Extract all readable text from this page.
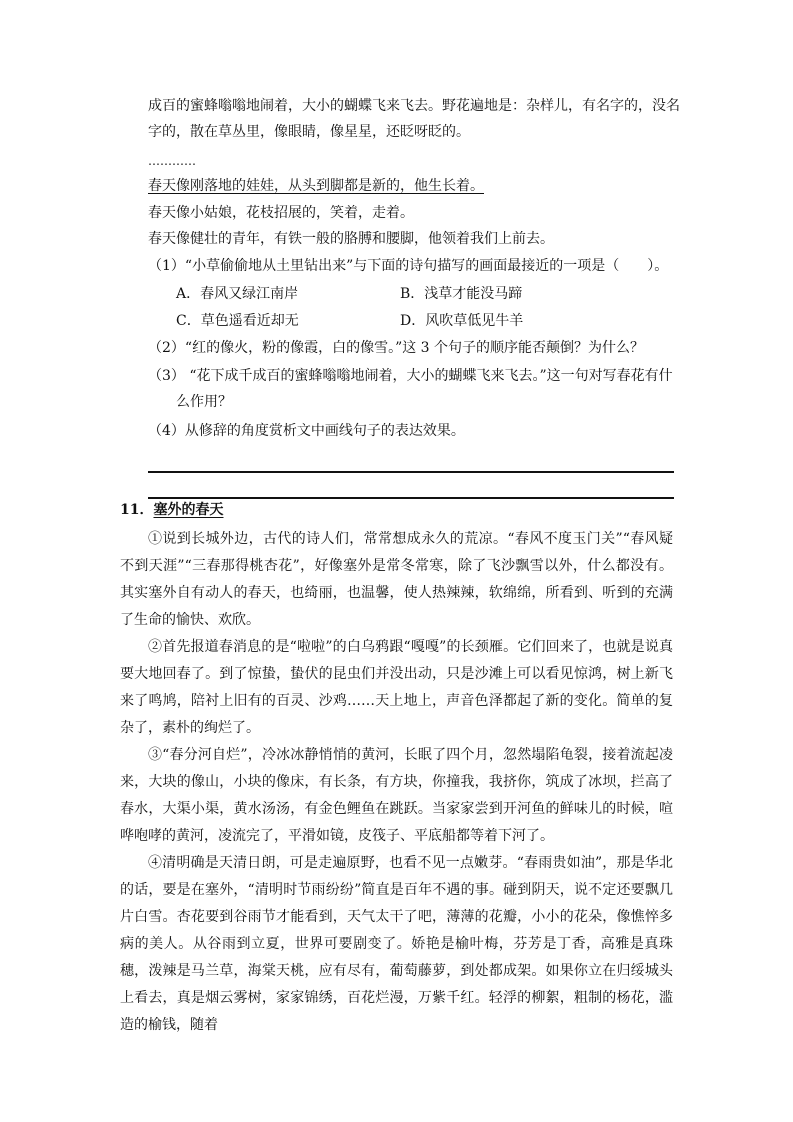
成百的蜜蜂嗡嗡地闹着，大小的蝴蝶飞来飞去。野花遍地是：杂样儿，有名字的，没名
字的，散在草丛里，像眼睛，像星星，还眨呀眨的。
…………
春天像刚落地的娃娃，从头到脚都是新的，他生长着。
春天像小姑娘，花枝招展的，笑着，走着。
春天像健壮的青年，有铁一般的胳膊和腰脚，他领着我们上前去。
（1）“小草偷偷地从土里钻出来”与下面的诗句描写的画面最接近的一项是（　　）。
A．春风又绿江南岸	B．浅草才能没马蹄
C．草色遥看近却无	D．风吹草低见牛羊
（2）“红的像火，粉的像霞，白的像雪。”这 3 个句子的顺序能否颠倒？为什么？
（3） “花下成千成百的蜜蜂嗡嗡地闹着，大小的蝴蝶飞来飞去。”这一句对写春花有什
么作用？
（4）从修辞的角度赏析文中画线句子的表达效果。
11．塞外的春天
①说到长城外边，古代的诗人们，常常想成永久的荒凉。“春风不度玉门关”“春风疑不到天涯”“三春那得桃杏花”，好像塞外是常冬常寒，除了飞沙飘雪以外，什么都没有。其实塞外自有动人的春天，也绮丽，也温馨，使人热辣辣，软绵绵，所看到、听到的充满了生命的愉快、欢欣。
②首先报道春消息的是“啦啦”的白乌鸦跟“嘎嘎”的长颈雁。它们回来了，也就是说真要大地回春了。到了惊蛰，蛰伏的昆虫们并没出动，只是沙滩上可以看见惊鸿，树上新飞来了鸣鸠，陪衬上旧有的百灵、沙鸡……天上地上，声音色泽都起了新的变化。简单的复杂了，素朴的绚烂了。
③“春分河自烂”，冷冰冰静悄悄的黄河，长眠了四个月，忽然塌陷龟裂，接着流起凌来，大块的像山，小块的像床，有长条，有方块，你撞我，我挤你，筑成了冰坝，拦高了春水，大渠小渠，黄水汤汤，有金色鲤鱼在跳跃。当家家尝到开河鱼的鲜味儿的时候，喧哗咆哮的黄河，凌流完了，平滑如镜，皮筏子、平底船都等着下河了。
④清明确是天清日朗，可是走遍原野，也看不见一点嫩芽。“春雨贵如油”，那是华北的话，要是在塞外，“清明时节雨纷纷”简直是百年不遇的事。碰到阴天，说不定还要飘几片白雪。杏花要到谷雨节才能看到，天气太干了吧，薄薄的花瓣，小小的花朵，像憔悴多病的美人。从谷雨到立夏，世界可要剧变了。娇艳是榆叶梅，芬芳是丁香，高雅是真珠穗，泼辣是马兰草，海棠天桃，应有尽有，葡萄藤萝，到处都成架。如果你立在归绥城头上看去，真是烟云雾树，家家锦绣，百花烂漫，万紫千红。轻浮的柳絮，粗制的杨花，滥造的榆钱，随着
